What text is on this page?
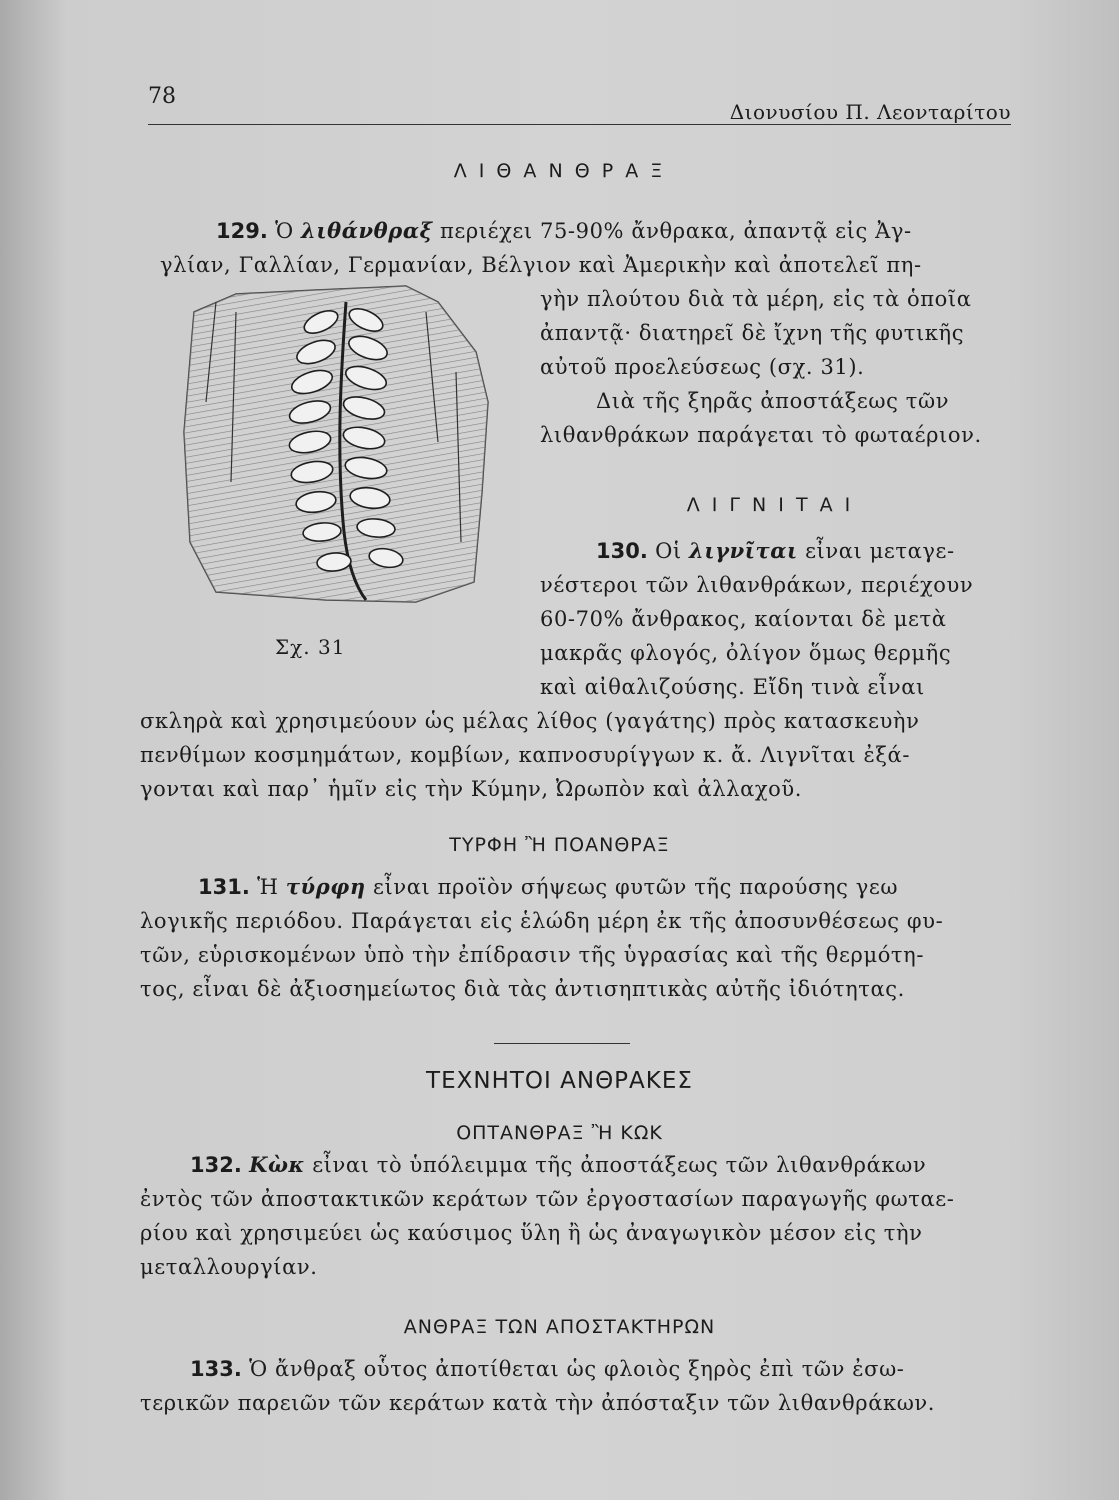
78
Διονυσίου Π. Λεονταρίτου
Λ Ι Θ Α Ν Θ Ρ Α Ξ
129. Ὁ λιθάνθραξ περιέχει 75-90% ἄνθρακα, ἀπαντᾷ εἰς Ἀγ-
γλίαν, Γαλλίαν, Γερμανίαν, Βέλγιον καὶ Ἀμερικὴν καὶ ἀποτελεῖ πη-
Σχ. 31
γὴν πλούτου διὰ τὰ μέρη, εἰς τὰ ὁποῖα
ἀπαντᾷ· διατηρεῖ δὲ ἴχνη τῆς φυτικῆς
αὐτοῦ προελεύσεως (σχ. 31).
Διὰ τῆς ξηρᾶς ἀποστάξεως τῶν
λιθανθράκων παράγεται τὸ φωταέριον.
Λ Ι Γ Ν Ι Τ Α Ι
130. Οἱ λιγνῖται εἶναι μεταγε-
νέστεροι τῶν λιθανθράκων, περιέχουν
60-70% ἄνθρακος, καίονται δὲ μετὰ
μακρᾶς φλογός, ὀλίγον ὅμως θερμῆς
καὶ αἰθαλιζούσης. Εἴδη τινὰ εἶναι
σκληρὰ καὶ χρησιμεύουν ὡς μέλας λίθος (γαγάτης) πρὸς κατασκευὴν
πενθίμων κοσμημάτων, κομβίων, καπνοσυρίγγων κ. ἄ. Λιγνῖται ἐξά-
γονται καὶ παρ᾽ ἡμῖν εἰς τὴν Κύμην, Ὠρωπὸν καὶ ἀλλαχοῦ.
ΤΥΡΦΗ Ἢ ΠΟΑΝΘΡΑΞ
131. Ἡ τύρφη εἶναι προϊὸν σήψεως φυτῶν τῆς παρούσης γεω
λογικῆς περιόδου. Παράγεται εἰς ἑλώδη μέρη ἐκ τῆς ἀποσυνθέσεως φυ-
τῶν, εὑρισκομένων ὑπὸ τὴν ἐπίδρασιν τῆς ὑγρασίας καὶ τῆς θερμότη-
τος, εἶναι δὲ ἀξιοσημείωτος διὰ τὰς ἀντισηπτικὰς αὐτῆς ἰδιότητας.
ΤΕΧΝΗΤΟΙ ΑΝΘΡΑΚΕΣ
ΟΠΤΑΝΘΡΑΞ Ἢ ΚΩΚ
132. Κὼκ εἶναι τὸ ὑπόλειμμα τῆς ἀποστάξεως τῶν λιθανθράκων
ἐντὸς τῶν ἀποστακτικῶν κεράτων τῶν ἐργοστασίων παραγωγῆς φωταε-
ρίου καὶ χρησιμεύει ὡς καύσιμος ὕλη ἢ ὡς ἀναγωγικὸν μέσον εἰς τὴν
μεταλλουργίαν.
ΑΝΘΡΑΞ ΤΩΝ ΑΠΟΣΤΑΚΤΗΡΩΝ
133. Ὁ ἄνθραξ οὗτος ἀποτίθεται ὡς φλοιὸς ξηρὸς ἐπὶ τῶν ἐσω-
τερικῶν παρειῶν τῶν κεράτων κατὰ τὴν ἀπόσταξιν τῶν λιθανθράκων.
